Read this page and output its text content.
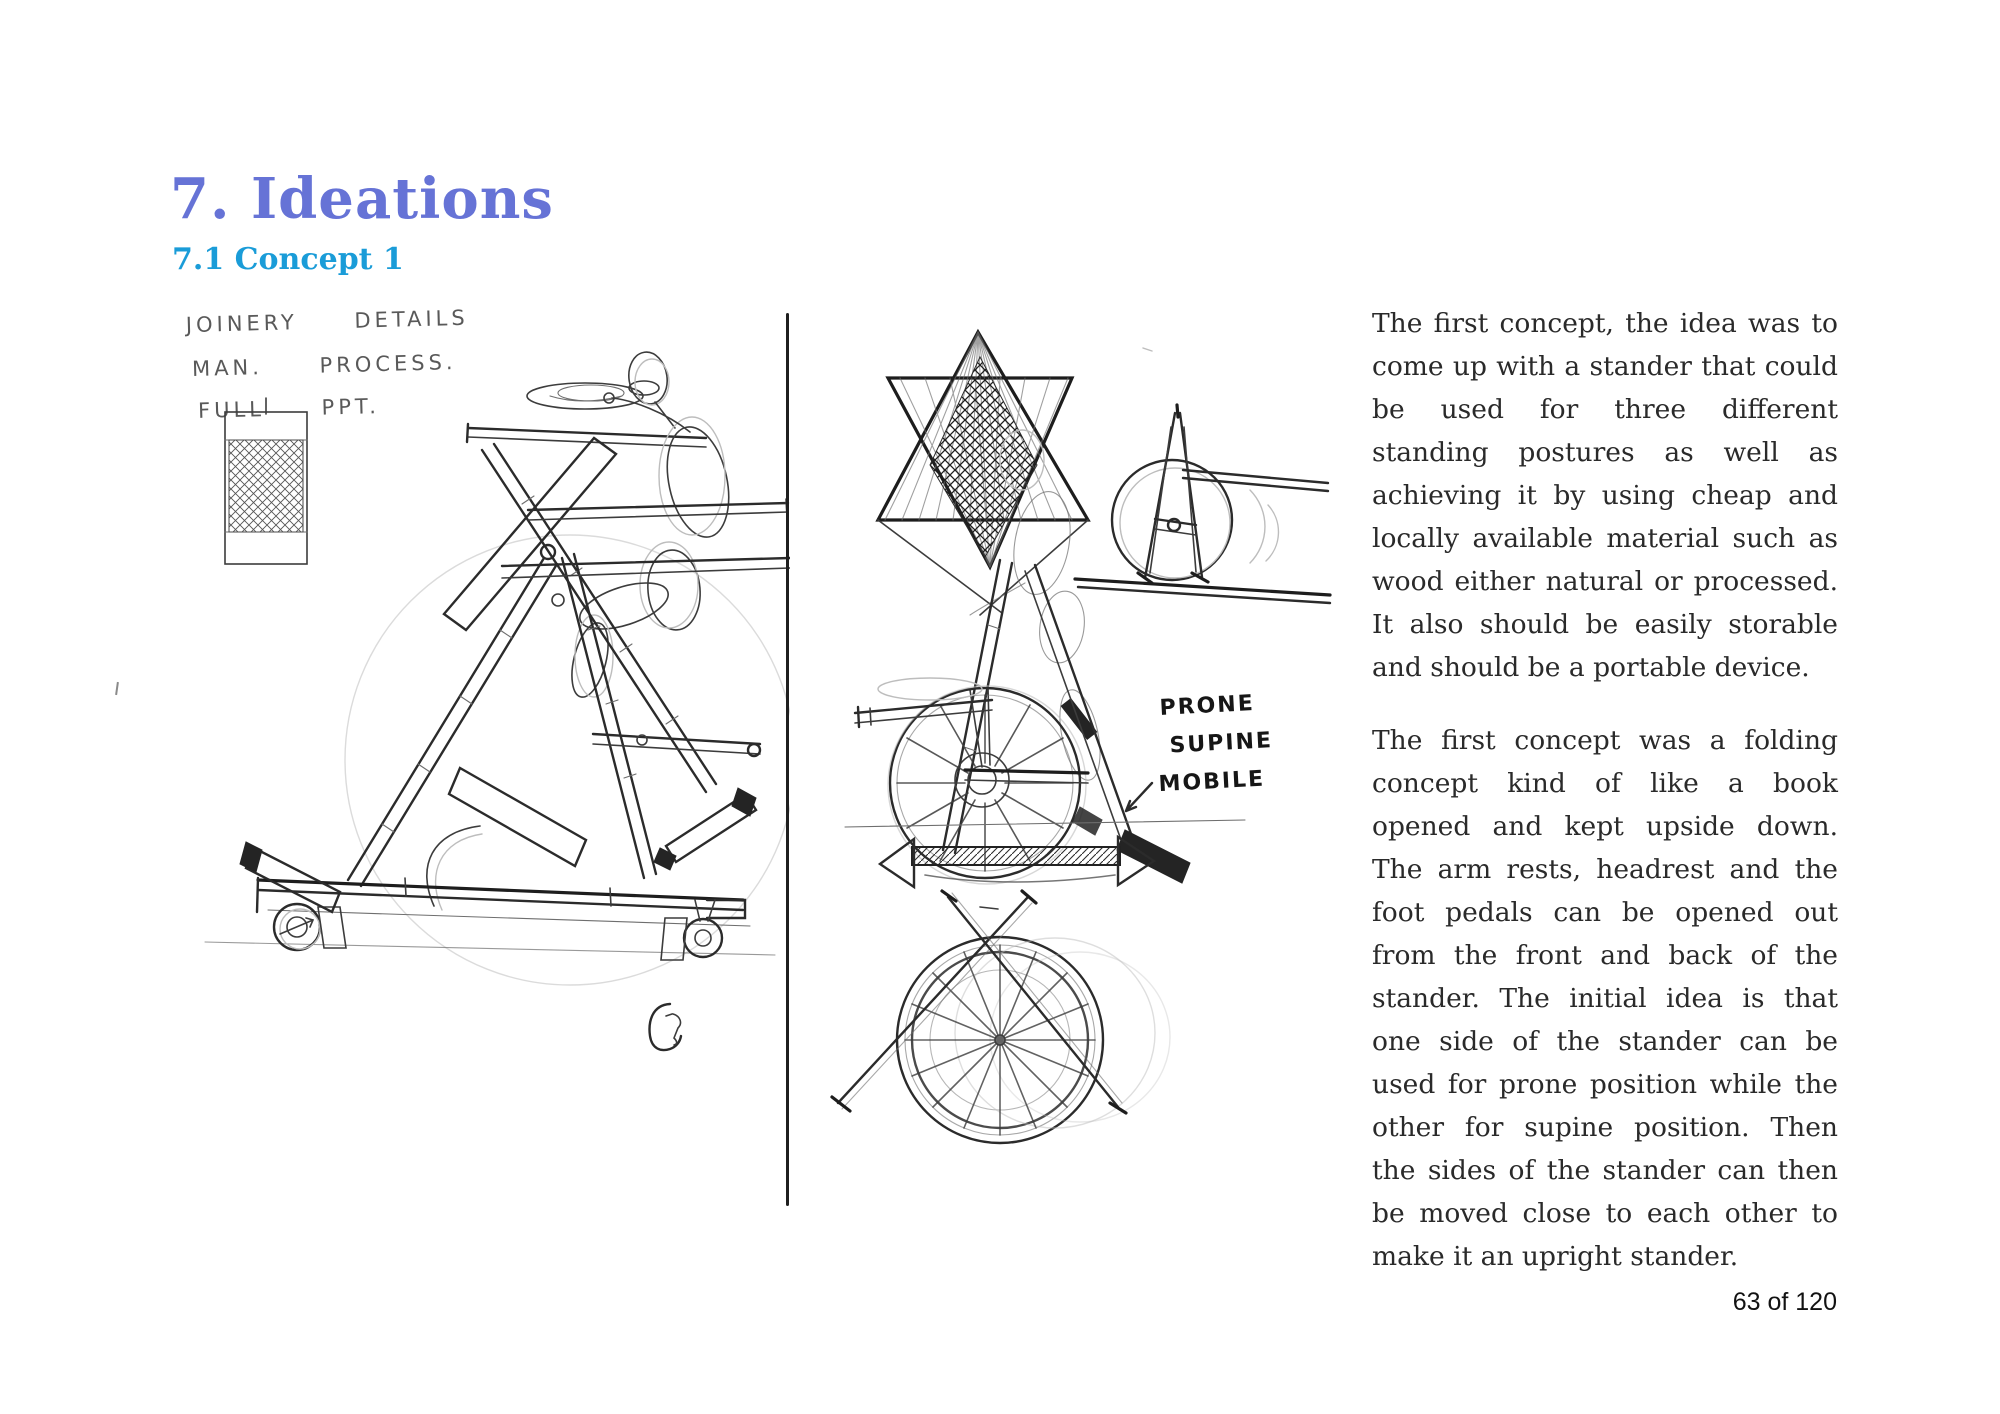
7. Ideations
7.1 Concept 1
JOINERY DETAILS
MAN. PROCESS.
FULL PPT.
PRONE
SUPINE
MOBILE

The first concept, the idea was to come up with a stander that could be used for three different standing postures as well as achieving it by using cheap and locally available material such as wood either natural or processed. It also should be easily storable and should be a portable device.

The first concept was a folding concept kind of like a book opened and kept upside down. The arm rests, headrest and the foot pedals can be opened out from the front and back of the stander. The initial idea is that one side of the stander can be used for prone position while the other for supine position. Then the sides of the stander can then be moved close to each other to make it an upright stander.

63 of 120
